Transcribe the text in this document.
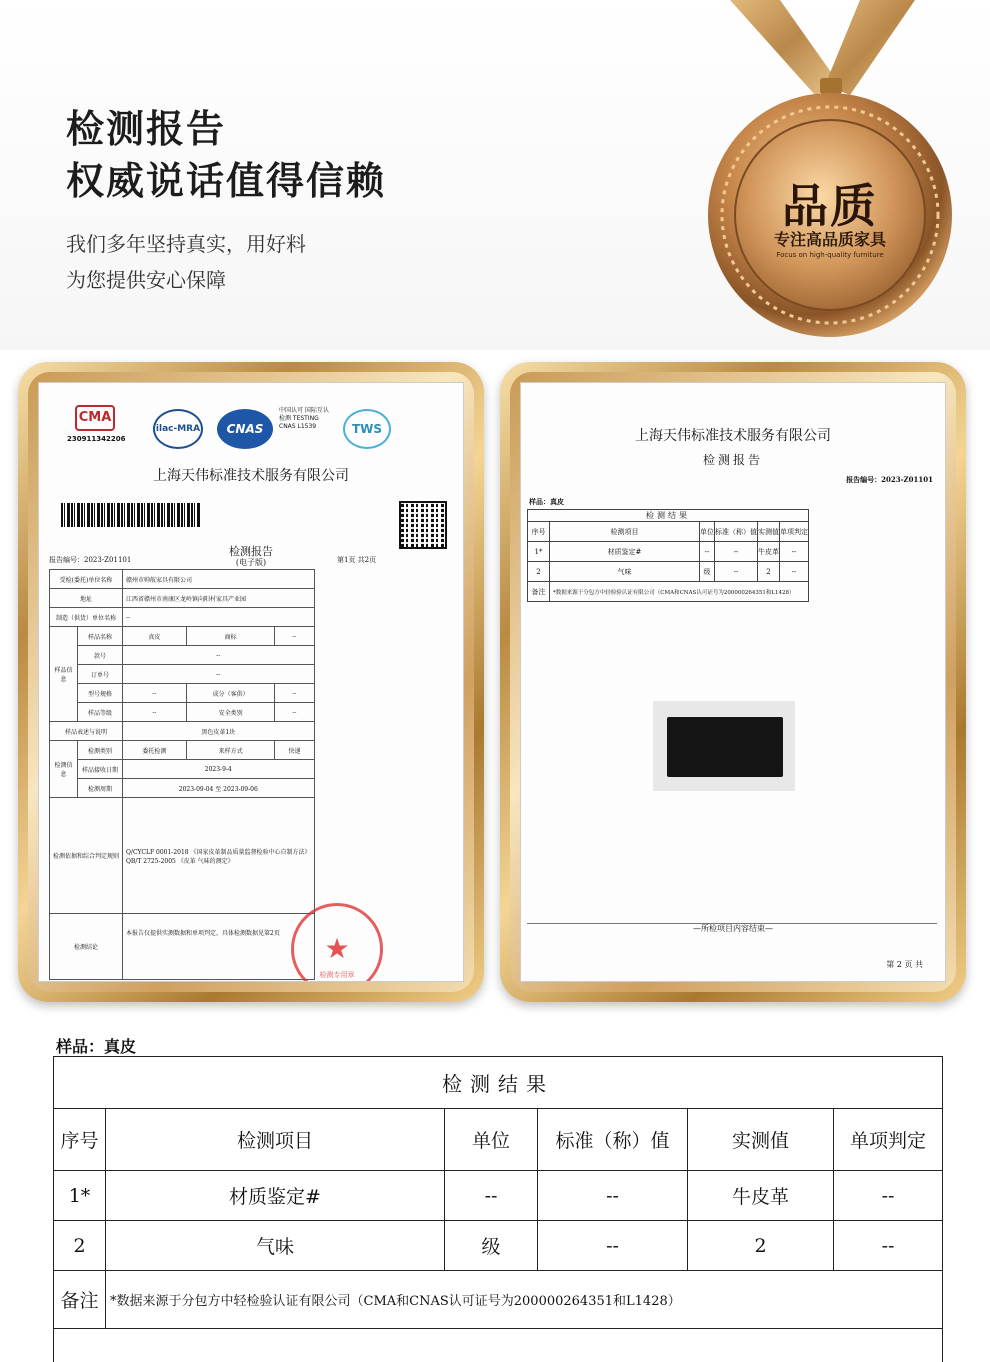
检测报告
权威说话值得信赖
我们多年坚持真实，用好料
为您提供安心保障
品质
专注高品质家具
Focus on high-quality furniture
CMA
230911342206
ilac-MRA	CNAS
中国认可 国际互认 检测 TESTING CNAS L1539	TWS
上海天伟标准技术服务有限公司
报告编号：2023-Z01101
检测报告
(电子版)	第1页 共2页
受检(委托)单位名称		赣州市帅航家具有限公司		
地址		江西省赣州市南康区龙岭镇向阳村家具产业园		
制造（供货）单位名称		--		
样品信息	样品名称	真皮	商标	--
	款号	--		
	订单号	--		
	型号规格	--	成分（客供）	--
	样品等级	--	安全类别	--
样品表述与说明		黑色皮革1块		
检测信息	检测类别	委托检测	来样方式	快递
	样品接收日期	2023-9-4		
	检测周期	2023-09-04 至 2023-09-06		
检测依据和综合判定规则		Q/CYCLF 0001-2018 《国家皮革制品质量监督检验中心自制方法》
QB/T 2725-2005 《皮革 气味的测定》		

检测结论		本报告仅提供实测数据和单项判定，具体检测数据见第2页			★
检测专用章
上海天伟标准技术服务有限公司
检测报告
报告编号：2023-Z01101
样品：真皮
检测结果					
序号	检测项目	单位	标准（称）值	实测值	单项判定
1*	材质鉴定#	--	--	牛皮革	--
2	气味	级	--	2	--
备注	*数据来源于分包方中轻检验认证有限公司（CMA和CNAS认可证号为200000264351和L1428）				
—所检项目内容结束—
第 2 页 共
样品：真皮
检测结果					
序号	检测项目	单位	标准（称）值	实测值	单项判定
1*	材质鉴定#	--	--	牛皮革	--
2	气味	级	--	2	--
备注	*数据来源于分包方中轻检验认证有限公司（CMA和CNAS认可证号为200000264351和L1428）				
